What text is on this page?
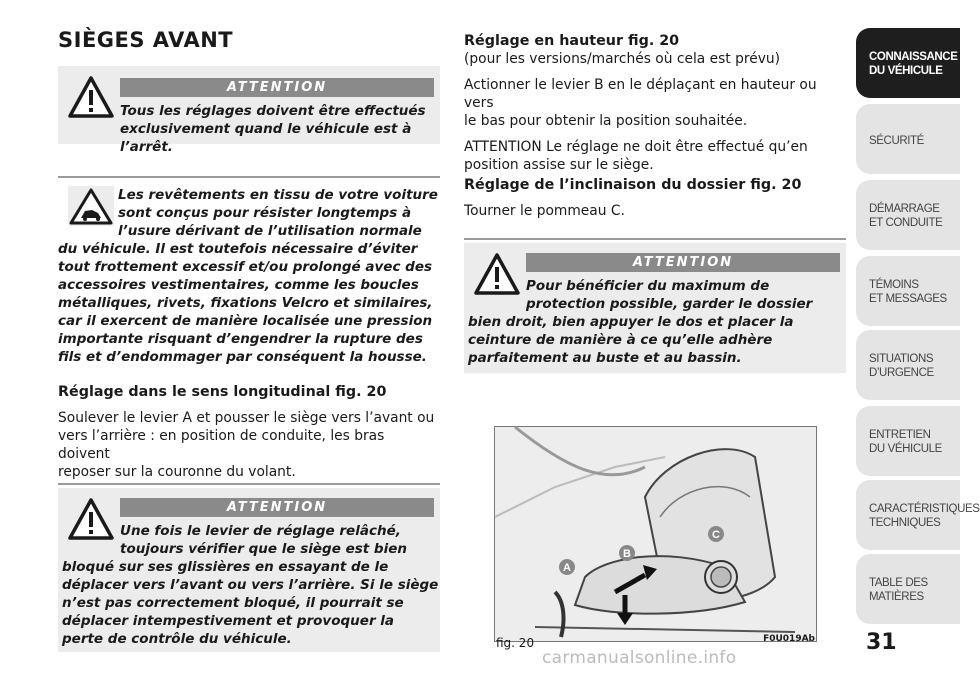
SIÈGES AVANT
ATTENTION
Tous les réglages doivent être effectués
exclusivement quand le véhicule est à l’arrêt.
Les revêtements en tissu de votre voiture
sont conçus pour résister longtemps à
l’usure dérivant de l’utilisation normale
du véhicule. Il est toutefois nécessaire d’éviter
tout frottement excessif et/ou prolongé avec des
accessoires vestimentaires, comme les boucles
métalliques, rivets, fixations Velcro et similaires,
car il exercent de manière localisée une pression
importante risquant d’engendrer la rupture des
fils et d’endommager par conséquent la housse.
Réglage dans le sens longitudinal fig. 20
Soulever le levier A et pousser le siège vers l’avant ou
vers l’arrière : en position de conduite, les bras doivent
reposer sur la couronne du volant.
ATTENTION
Une fois le levier de réglage relâché,
toujours vérifier que le siège est bien
bloqué sur ses glissières en essayant de le
déplacer vers l’avant ou vers l’arrière. Si le siège
n’est pas correctement bloqué, il pourrait se
déplacer intempestivement et provoquer la
perte de contrôle du véhicule.
Réglage en hauteur fig. 20
(pour les versions/marchés où cela est prévu)
Actionner le levier B en le déplaçant en hauteur ou vers
le bas pour obtenir la position souhaitée.
ATTENTION Le réglage ne doit être effectué qu’en
position assise sur le siège.
Réglage de l’inclinaison du dossier fig. 20
Tourner le pommeau C.
ATTENTION
Pour bénéficier du maximum de
protection possible, garder le dossier
bien droit, bien appuyer le dos et placer la
ceinture de manière à ce qu’elle adhère
parfaitement au buste et au bassin.
A
B
C
fig. 20	F0U019Ab
CONNAISSANCE
DU VÉHICULE
SÉCURITÉ
DÉMARRAGE
ET CONDUITE
TÉMOINS
ET MESSAGES
SITUATIONS
D’URGENCE
ENTRETIEN
DU VÉHICULE
CARACTÉRISTIQUES
TECHNIQUES
TABLE DES
MATIÈRES
31
carmanualsonline.info
